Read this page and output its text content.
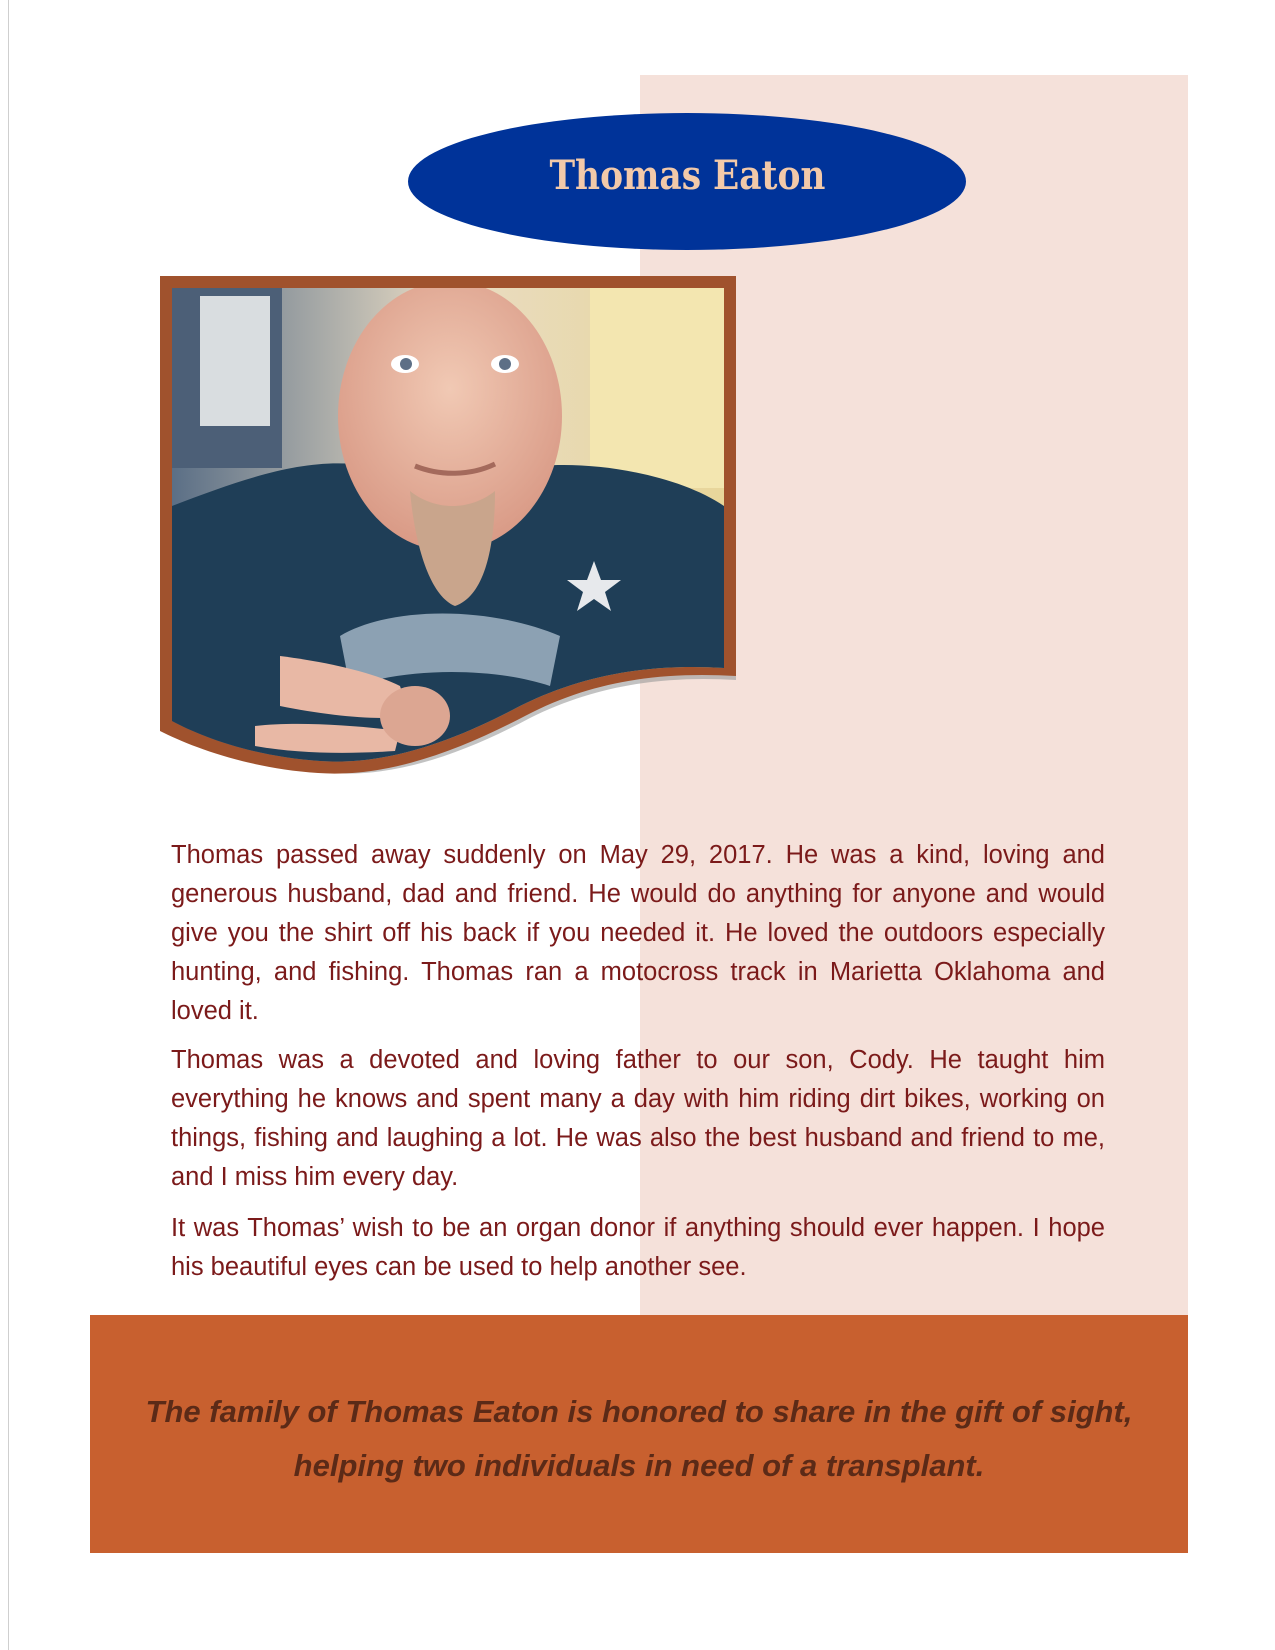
Thomas Eaton

Thomas passed away suddenly on May 29, 2017. He was a kind, loving and generous husband, dad and friend. He would do anything for anyone and would give you the shirt off his back if you needed it. He loved the outdoors especially hunting, and fishing. Thomas ran a motocross track in Marietta Oklahoma and loved it.

Thomas was a devoted and loving father to our son, Cody. He taught him everything he knows and spent many a day with him riding dirt bikes, working on things, fishing and laughing a lot. He was also the best husband and friend to me, and I miss him every day.

It was Thomas’ wish to be an organ donor if anything should ever happen. I hope his beautiful eyes can be used to help another see.

The family of Thomas Eaton is honored to share in the gift of sight,
helping two individuals in need of a transplant.
